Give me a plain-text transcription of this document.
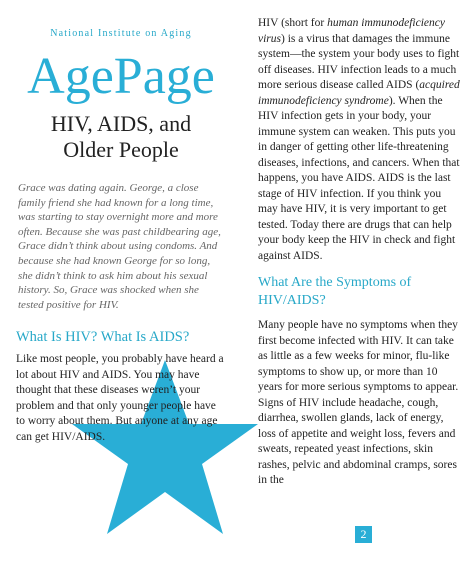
National Institute on Aging

AgePage
HIV, AIDS, and
Older People

Grace was dating again. George, a close family friend she had known for a long time, was starting to stay overnight more and more often. Because she was past childbearing age, Grace didn’t think about using condoms. And because she had known George for so long, she didn’t think to ask him about his sexual history. So, Grace was shocked when she tested positive for HIV.

What Is HIV? What Is AIDS?

Like most people, you probably have heard a lot about HIV and AIDS. You may have thought that these diseases weren’t your problem and that only younger people have to worry about them. But anyone at any age can get HIV/AIDS.

HIV (short for human immunodeficiency virus) is a virus that damages the immune system—the system your body uses to fight off diseases. HIV infection leads to a much more serious disease called AIDS (acquired immunodeficiency syndrome). When the HIV infection gets in your body, your immune system can weaken. This puts you in danger of getting other life-threatening diseases, infections, and cancers. When that happens, you have AIDS. AIDS is the last stage of HIV infection. If you think you may have HIV, it is very important to get tested. Today there are drugs that can help your body keep the HIV in check and fight against AIDS.

What Are the Symptoms of HIV/AIDS?
Many people have no symptoms when they first become infected with HIV. It can take as little as a few weeks for minor, flu-like symptoms to show up, or more than 10 years for more serious symptoms to appear. Signs of HIV include headache, cough, diarrhea, swollen glands, lack of energy, loss of appetite and weight loss, fevers and sweats, repeated yeast infections, skin rashes, pelvic and abdominal cramps, sores in the
2
